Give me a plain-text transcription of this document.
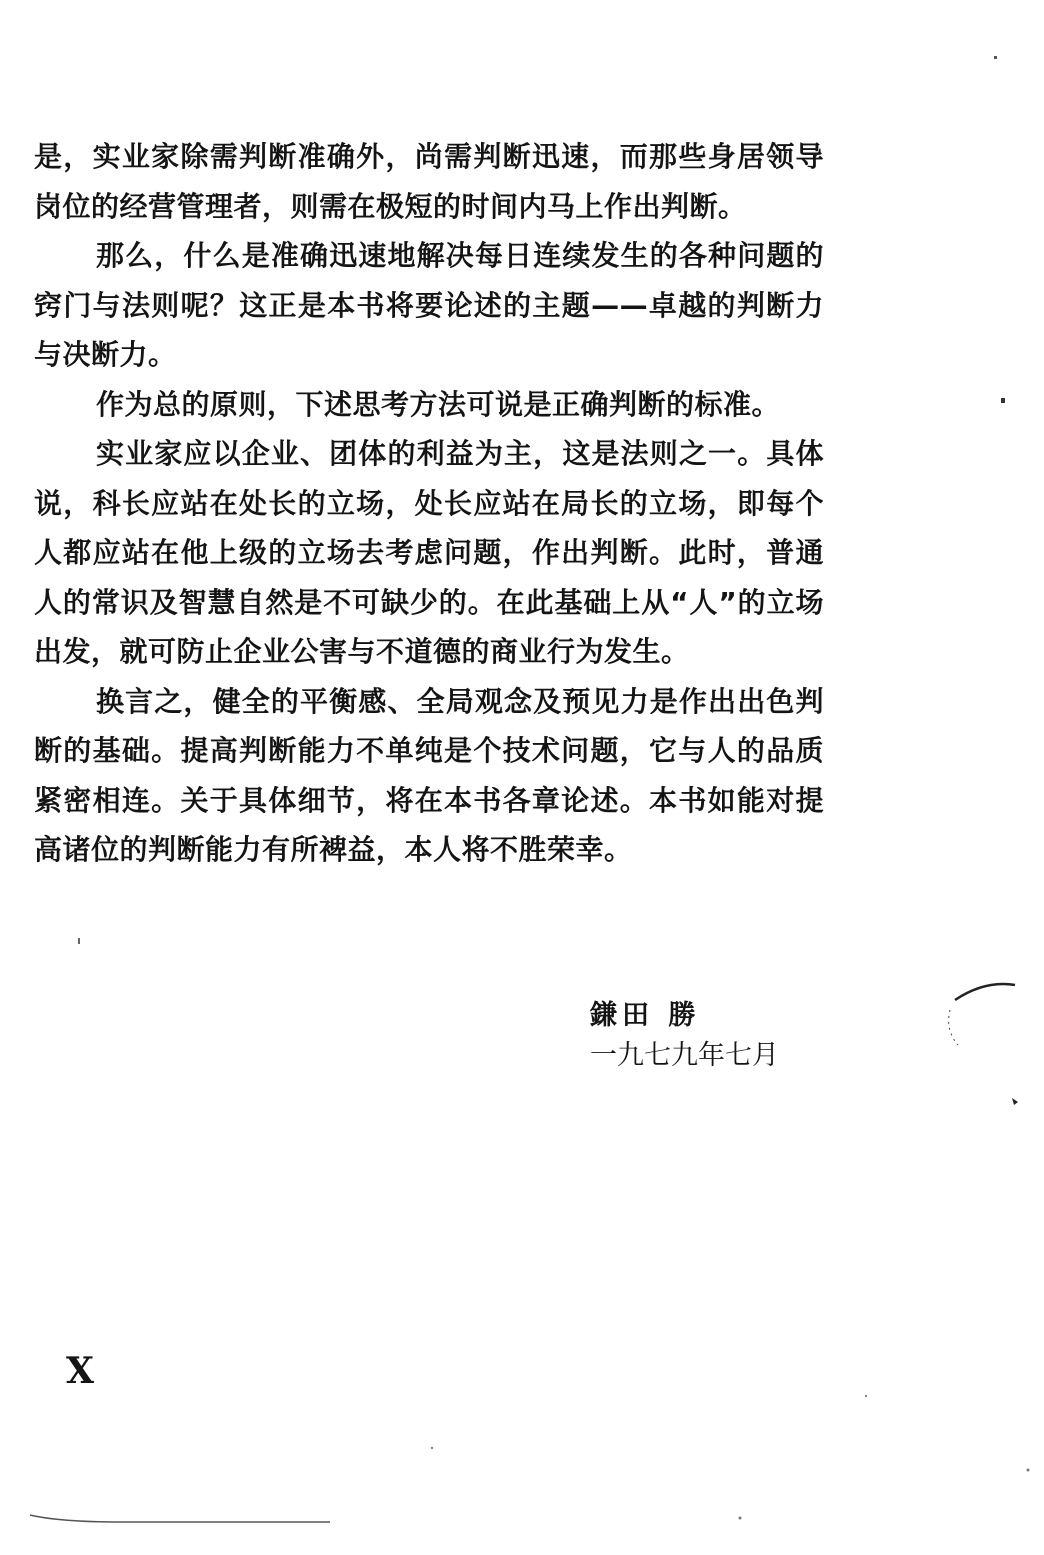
是，实业家除需判断准确外，尚需判断迅速，而那些身居领导岗位的经营管理者，则需在极短的时间内马上作出判断。

那么，什么是准确迅速地解决每日连续发生的各种问题的窍门与法则呢？这正是本书将要论述的主题——卓越的判断力与决断力。

作为总的原则，下述思考方法可说是正确判断的标准。

实业家应以企业、团体的利益为主，这是法则之一。具体说，科长应站在处长的立场，处长应站在局长的立场，即每个人都应站在他上级的立场去考虑问题，作出判断。此时，普通人的常识及智慧自然是不可缺少的。在此基础上从“人”的立场出发，就可防止企业公害与不道德的商业行为发生。

换言之，健全的平衡感、全局观念及预见力是作出出色判断的基础。提高判断能力不单纯是个技术问题，它与人的品质紧密相连。关于具体细节，将在本书各章论述。本书如能对提高诸位的判断能力有所裨益，本人将不胜荣幸。

鎌田 勝
一九七九年七月
X
